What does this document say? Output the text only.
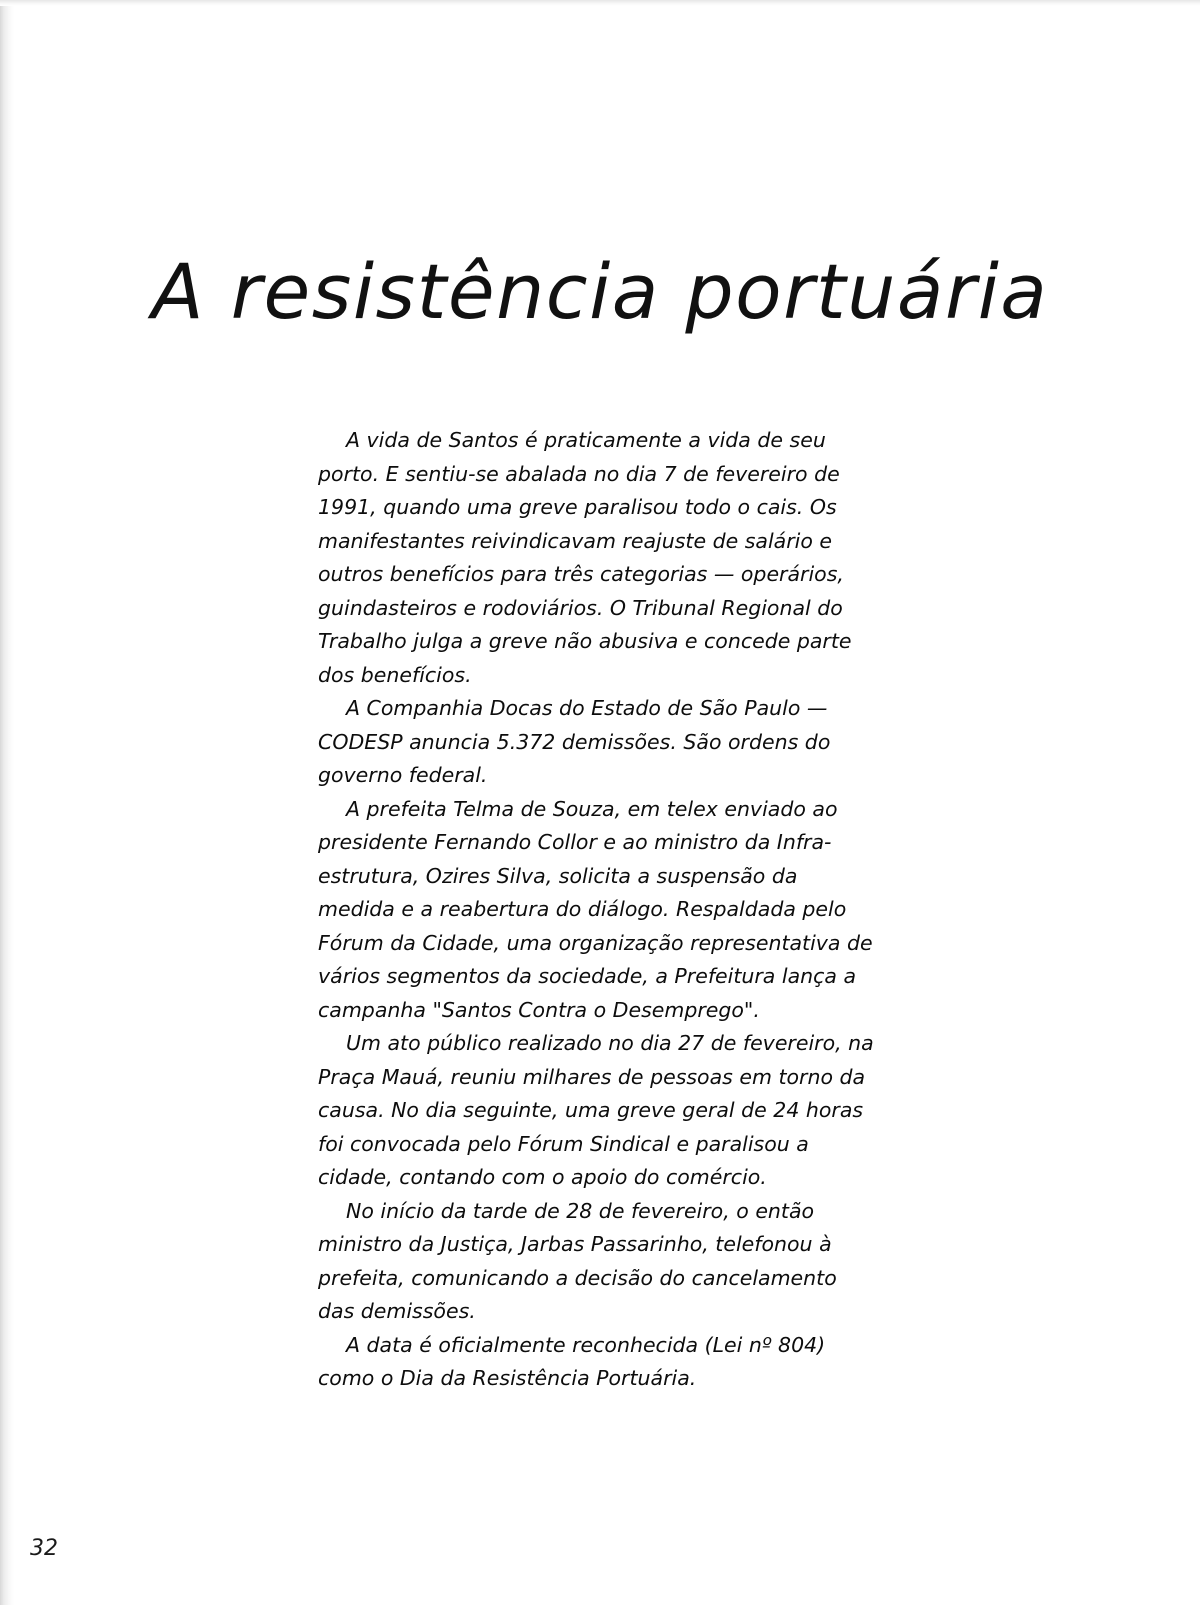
A resistência portuária

A vida de Santos é praticamente a vida de seu porto. E sentiu-se abalada no dia 7 de fevereiro de 1991, quando uma greve paralisou todo o cais. Os manifestantes reivindicavam reajuste de salário e outros benefícios para três categorias — operários, guindasteiros e rodoviários. O Tribunal Regional do Trabalho julga a greve não abusiva e concede parte dos benefícios.

A Companhia Docas do Estado de São Paulo — CODESP anuncia 5.372 demissões. São ordens do governo federal.

A prefeita Telma de Souza, em telex enviado ao presidente Fernando Collor e ao ministro da Infra-estrutura, Ozires Silva, solicita a suspensão da medida e a reabertura do diálogo. Respaldada pelo Fórum da Cidade, uma organização representativa de vários segmentos da sociedade, a Prefeitura lança a campanha "Santos Contra o Desemprego".

Um ato público realizado no dia 27 de fevereiro, na Praça Mauá, reuniu milhares de pessoas em torno da causa. No dia seguinte, uma greve geral de 24 horas foi convocada pelo Fórum Sindical e paralisou a cidade, contando com o apoio do comércio.

No início da tarde de 28 de fevereiro, o então ministro da Justiça, Jarbas Passarinho, telefonou à prefeita, comunicando a decisão do cancelamento das demissões.

A data é oficialmente reconhecida (Lei nº 804) como o Dia da Resistência Portuária.

32
